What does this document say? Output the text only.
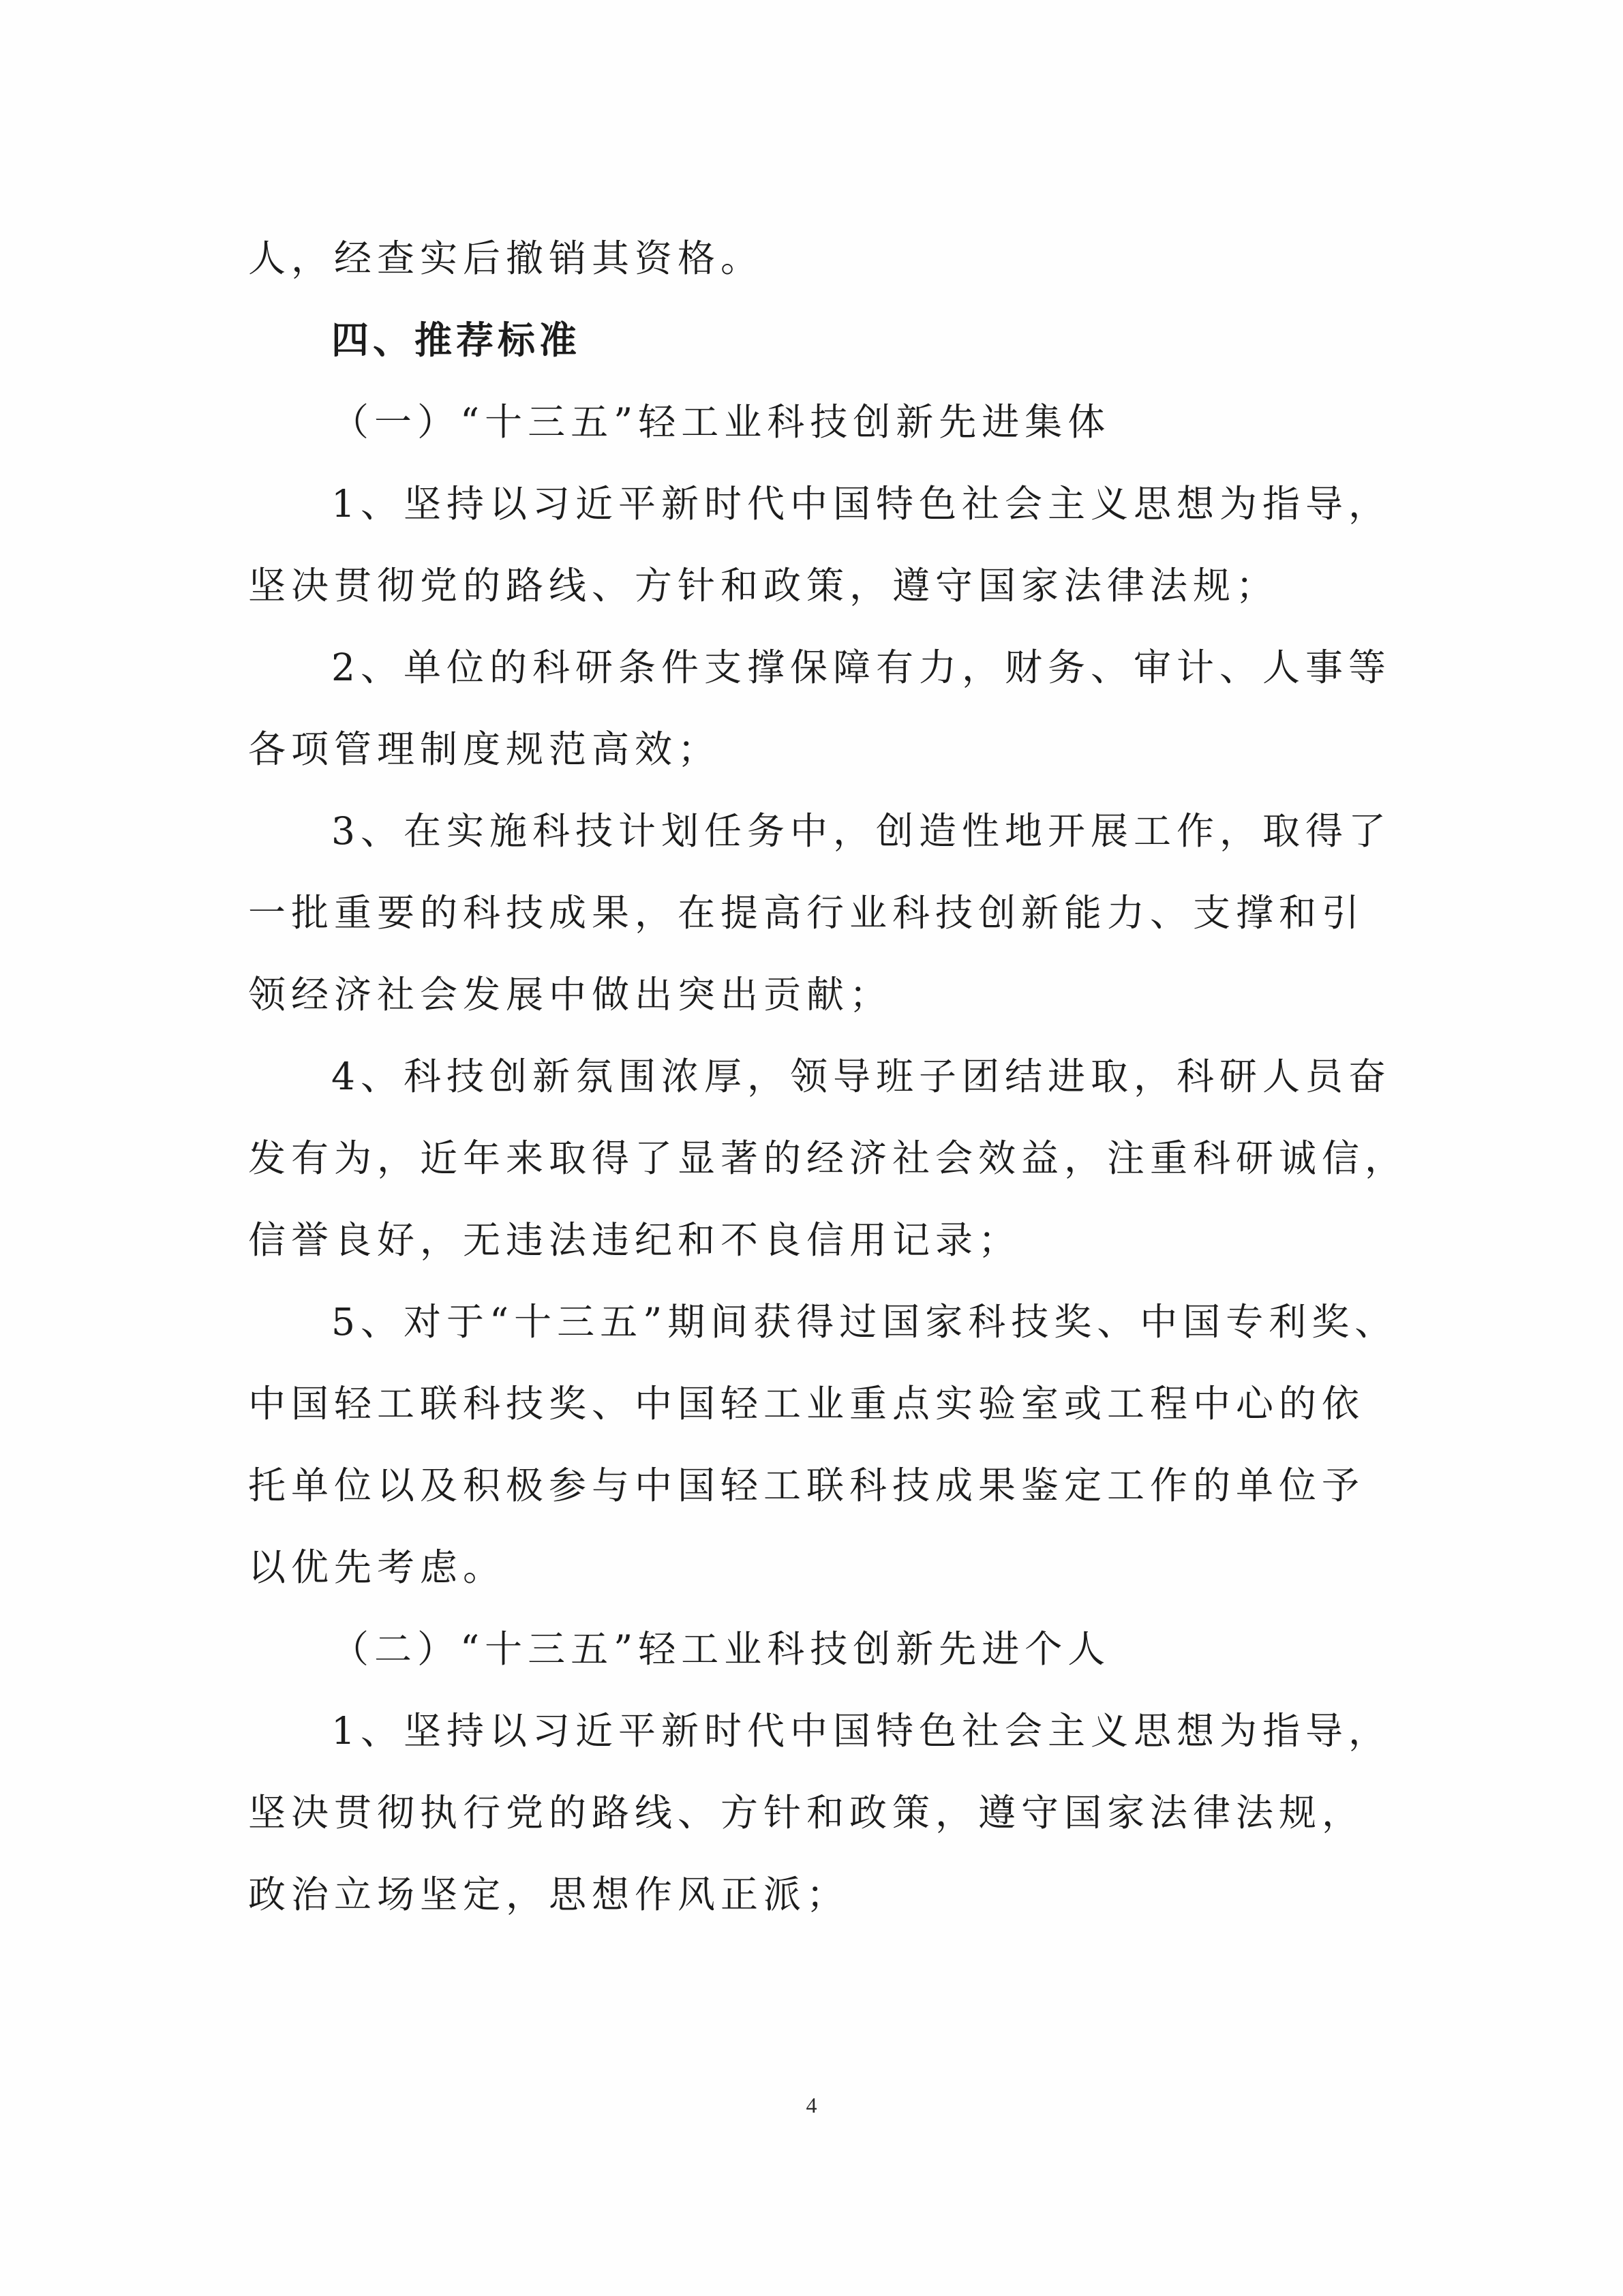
人，经查实后撤销其资格。
四、推荐标准
（一）“十三五”轻工业科技创新先进集体
1、坚持以习近平新时代中国特色社会主义思想为指导，
坚决贯彻党的路线、方针和政策，遵守国家法律法规；
2、单位的科研条件支撑保障有力，财务、审计、人事等
各项管理制度规范高效；
3、在实施科技计划任务中，创造性地开展工作，取得了
一批重要的科技成果，在提高行业科技创新能力、支撑和引
领经济社会发展中做出突出贡献；
4、科技创新氛围浓厚，领导班子团结进取，科研人员奋
发有为，近年来取得了显著的经济社会效益，注重科研诚信，
信誉良好，无违法违纪和不良信用记录；
5、对于“十三五”期间获得过国家科技奖、中国专利奖、
中国轻工联科技奖、中国轻工业重点实验室或工程中心的依
托单位以及积极参与中国轻工联科技成果鉴定工作的单位予
以优先考虑。
（二）“十三五”轻工业科技创新先进个人
1、坚持以习近平新时代中国特色社会主义思想为指导，
坚决贯彻执行党的路线、方针和政策，遵守国家法律法规，
政治立场坚定，思想作风正派；
4
